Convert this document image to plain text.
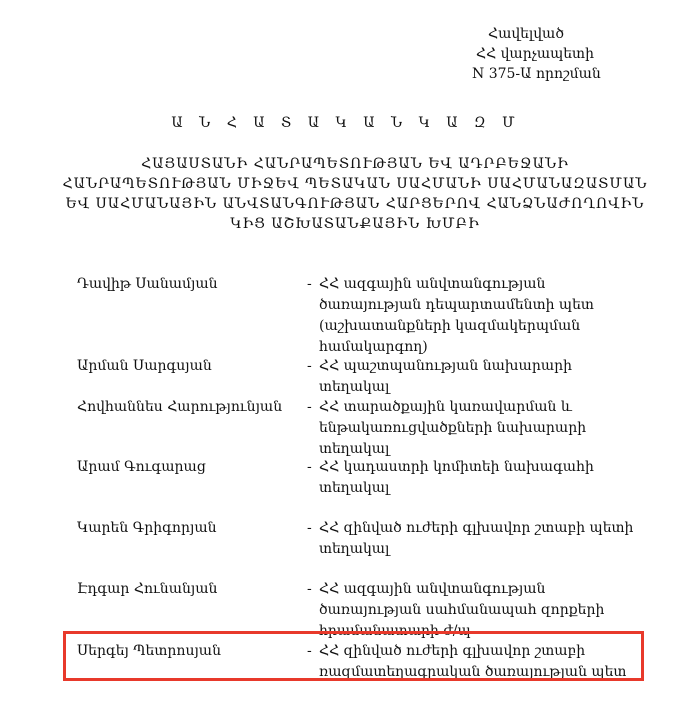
Հավելված
ՀՀ վարչապետի
N 375-Ա որոշման
Ա Ն Հ Ա Տ Ա Կ Ա Ն Կ Ա Զ Մ
ՀԱՅԱՍՏԱՆԻ ՀԱՆՐԱՊԵՏՈՒԹՅԱՆ ԵՎ ԱԴՐԲԵՋԱՆԻ ՀԱՆՐԱՊԵՏՈՒԹՅԱՆ ՄԻՋԵՎ ՊԵՏԱԿԱՆ ՍԱՀՄԱՆԻ ՍԱՀՄԱՆԱԶԱՏՄԱՆ ԵՎ ՍԱՀՄԱՆԱՅԻՆ ԱՆՎՏԱՆԳՈՒԹՅԱՆ ՀԱՐՑԵՐՈՎ ՀԱՆՁՆԱԺՈՂՈՎԻՆ ԿԻՑ ԱՇԽԱՏԱՆՔԱՅԻՆ ԽՄԲԻ
Դավիթ Սանամյան	- ՀՀ ազգային անվտանգության ծառայության դեպարտամենտի պետ (աշխատանքների կազմակերպման համակարգող)
Արման Սարգսյան	- ՀՀ պաշտպանության նախարարի տեղակալ
Հովհաննես Հարությունյան - ՀՀ տարածքային կառավարման և ենթակառուցվածքների նախարարի տեղակալ
Արամ Գուգարաց	- ՀՀ կադաստրի կոմիտեի նախագահի տեղակալ
Կարեն Գրիգորյան	- ՀՀ զինված ուժերի գլխավոր շտաբի պետի տեղակալ
Էդգար Հունանյան	- ՀՀ ազգային անվտանգության ծառայության սահմանապահ զորքերի հրամանատարի ժ/պ
Սերգեյ Պետրոսյան	- ՀՀ զինված ուժերի գլխավոր շտաբի ռազմատեղագրական ծառայության պետ
